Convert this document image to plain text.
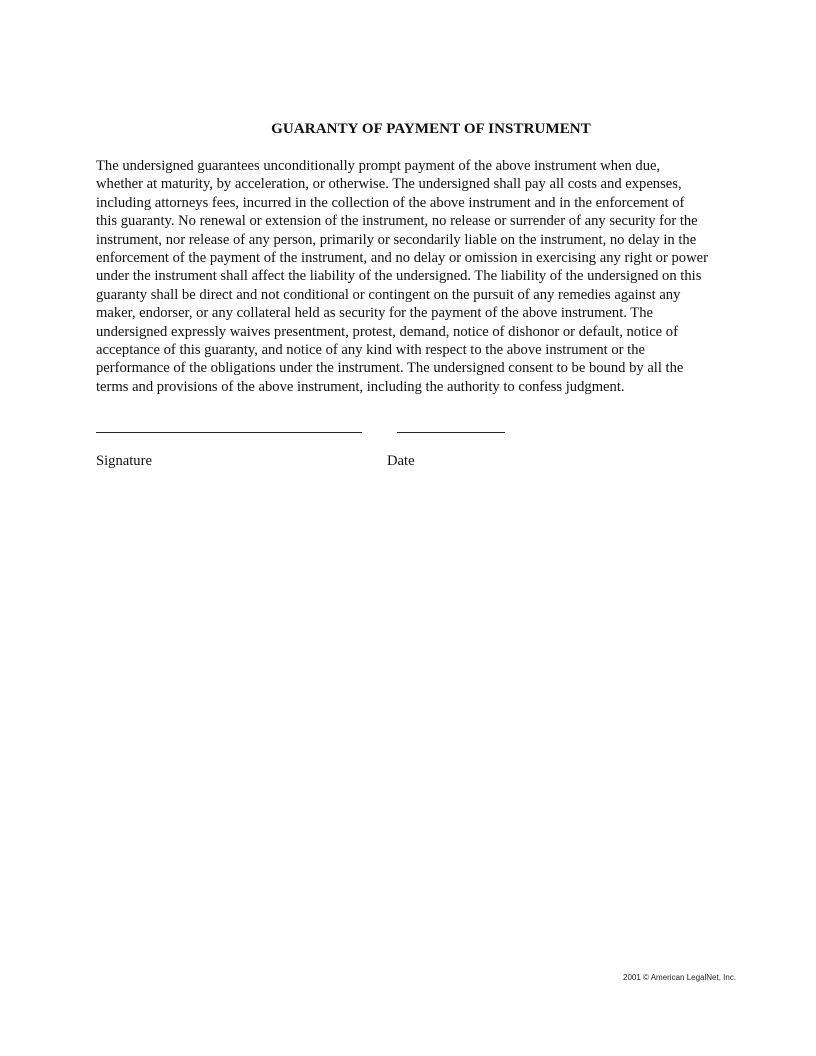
GUARANTY OF PAYMENT OF INSTRUMENT
The undersigned guarantees unconditionally prompt payment of the above instrument when due,
whether at maturity, by acceleration, or otherwise. The undersigned shall pay all costs and expenses,
including attorneys fees, incurred in the collection of the above instrument and in the enforcement of
this guaranty. No renewal or extension of the instrument, no release or surrender of any security for the
instrument, nor release of any person, primarily or secondarily liable on the instrument, no delay in the
enforcement of the payment of the instrument, and no delay or omission in exercising any right or power
under the instrument shall affect the liability of the undersigned. The liability of the undersigned on this
guaranty shall be direct and not conditional or contingent on the pursuit of any remedies against any
maker, endorser, or any collateral held as security for the payment of the above instrument. The
undersigned expressly waives presentment, protest, demand, notice of dishonor or default, notice of
acceptance of this guaranty, and notice of any kind with respect to the above instrument or the
performance of the obligations under the instrument. The undersigned consent to be bound by all the
terms and provisions of the above instrument, including the authority to confess judgment.
Signature	Date
2001 © American LegalNet, Inc.
